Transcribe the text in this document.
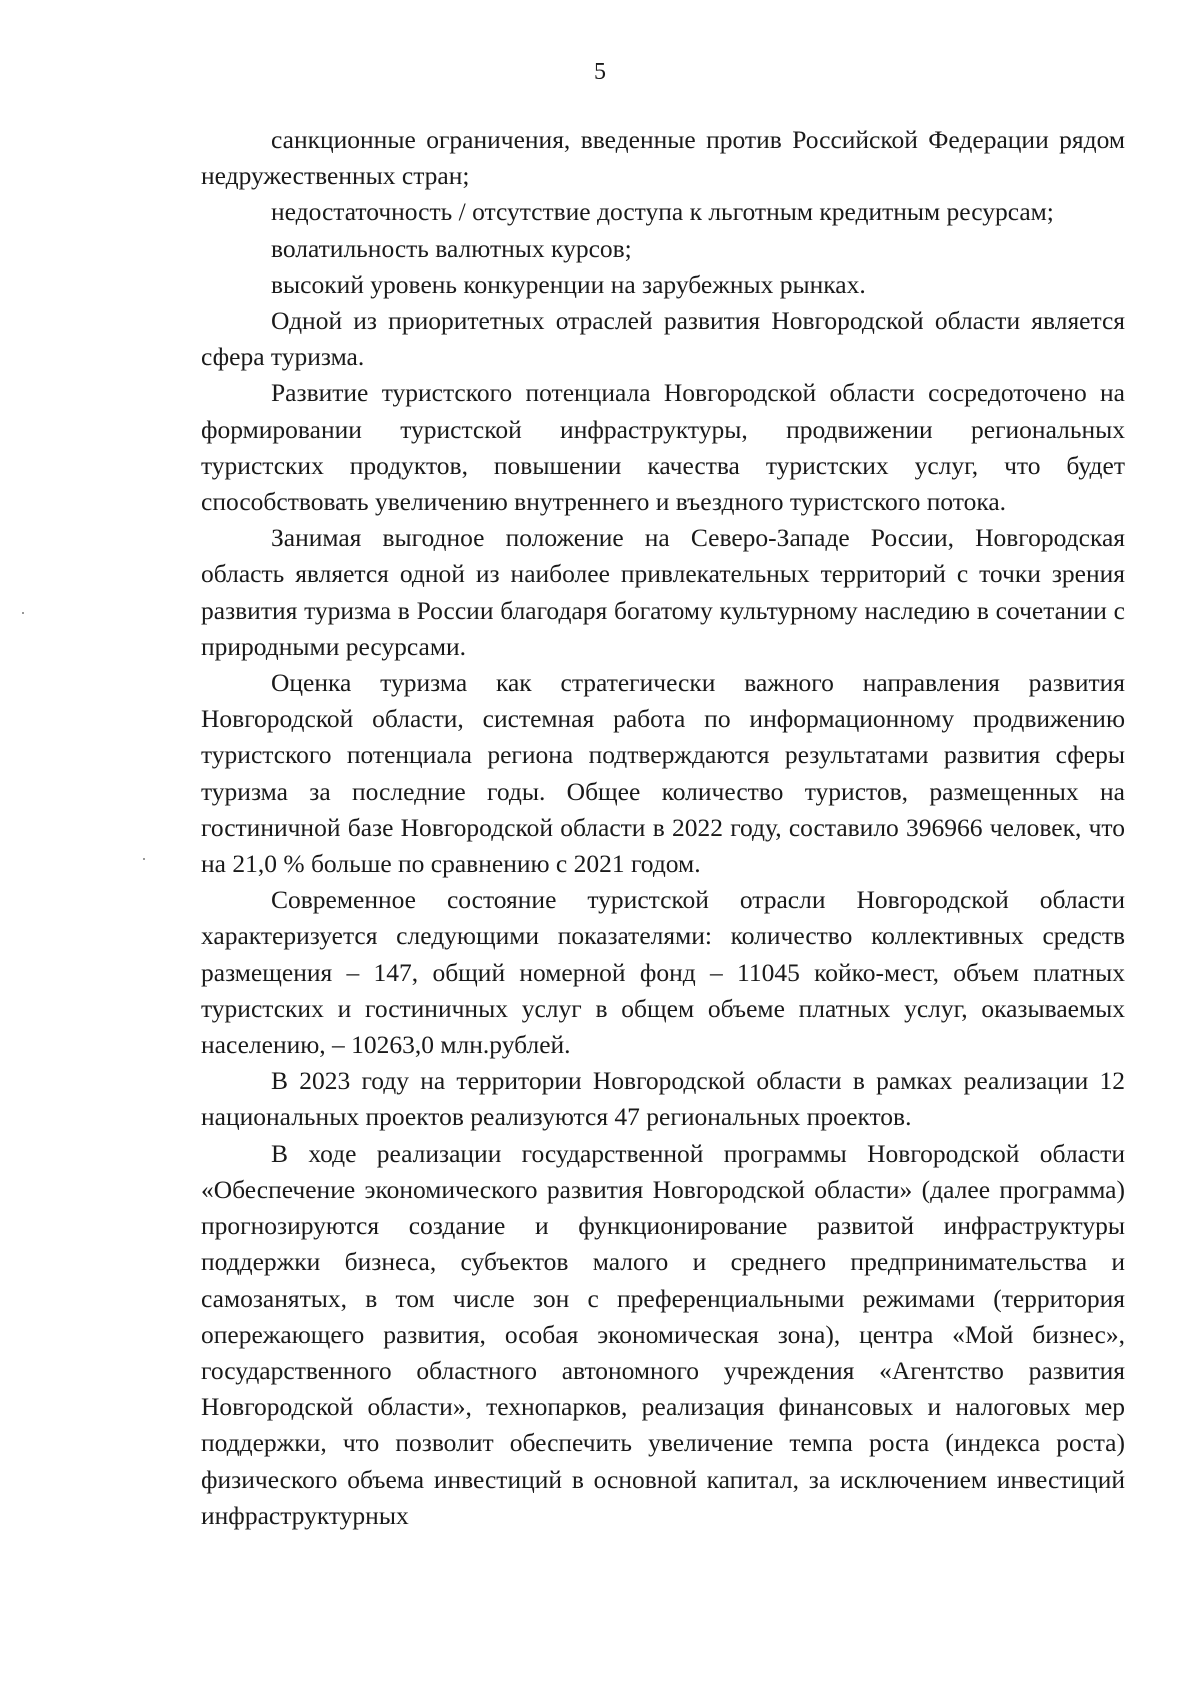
5

санкционные ограничения, введенные против Российской Федерации рядом недружественных стран;

недостаточность / отсутствие доступа к льготным кредитным ресурсам;

волатильность валютных курсов;

высокий уровень конкуренции на зарубежных рынках.

Одной из приоритетных отраслей развития Новгородской области является сфера туризма.

Развитие туристского потенциала Новгородской области сосредоточено на формировании туристской инфраструктуры, продвижении региональных туристских продуктов, повышении качества туристских услуг, что будет способствовать увеличению внутреннего и въездного туристского потока.

Занимая выгодное положение на Северо-Западе России, Новгородская область является одной из наиболее привлекательных территорий с точки зрения развития туризма в России благодаря богатому культурному наследию в сочетании с природными ресурсами.

Оценка туризма как стратегически важного направления развития Новгородской области, системная работа по информационному продвижению туристского потенциала региона подтверждаются результатами развития сферы туризма за последние годы. Общее количество туристов, размещенных на гостиничной базе Новгородской области в 2022 году, составило 396966 человек, что на 21,0 % больше по сравнению с 2021 годом.

Современное состояние туристской отрасли Новгородской области характеризуется следующими показателями: количество коллективных средств размещения – 147, общий номерной фонд – 11045 койко-мест, объем платных туристских и гостиничных услуг в общем объеме платных услуг, оказываемых населению, – 10263,0 млн.рублей.

В 2023 году на территории Новгородской области в рамках реализации 12 национальных проектов реализуются 47 региональных проектов.

В ходе реализации государственной программы Новгородской области «Обеспечение экономического развития Новгородской области» (далее программа) прогнозируются создание и функционирование развитой инфраструктуры поддержки бизнеса, субъектов малого и среднего предпринимательства и самозанятых, в том числе зон с преференциальными режимами (территория опережающего развития, особая экономическая зона), центра «Мой бизнес», государственного областного автономного учреждения «Агентство развития Новгородской области», технопарков, реализация финансовых и налоговых мер поддержки, что позволит обеспечить увеличение темпа роста (индекса роста) физического объема инвестиций в основной капитал, за исключением инвестиций инфраструктурных
